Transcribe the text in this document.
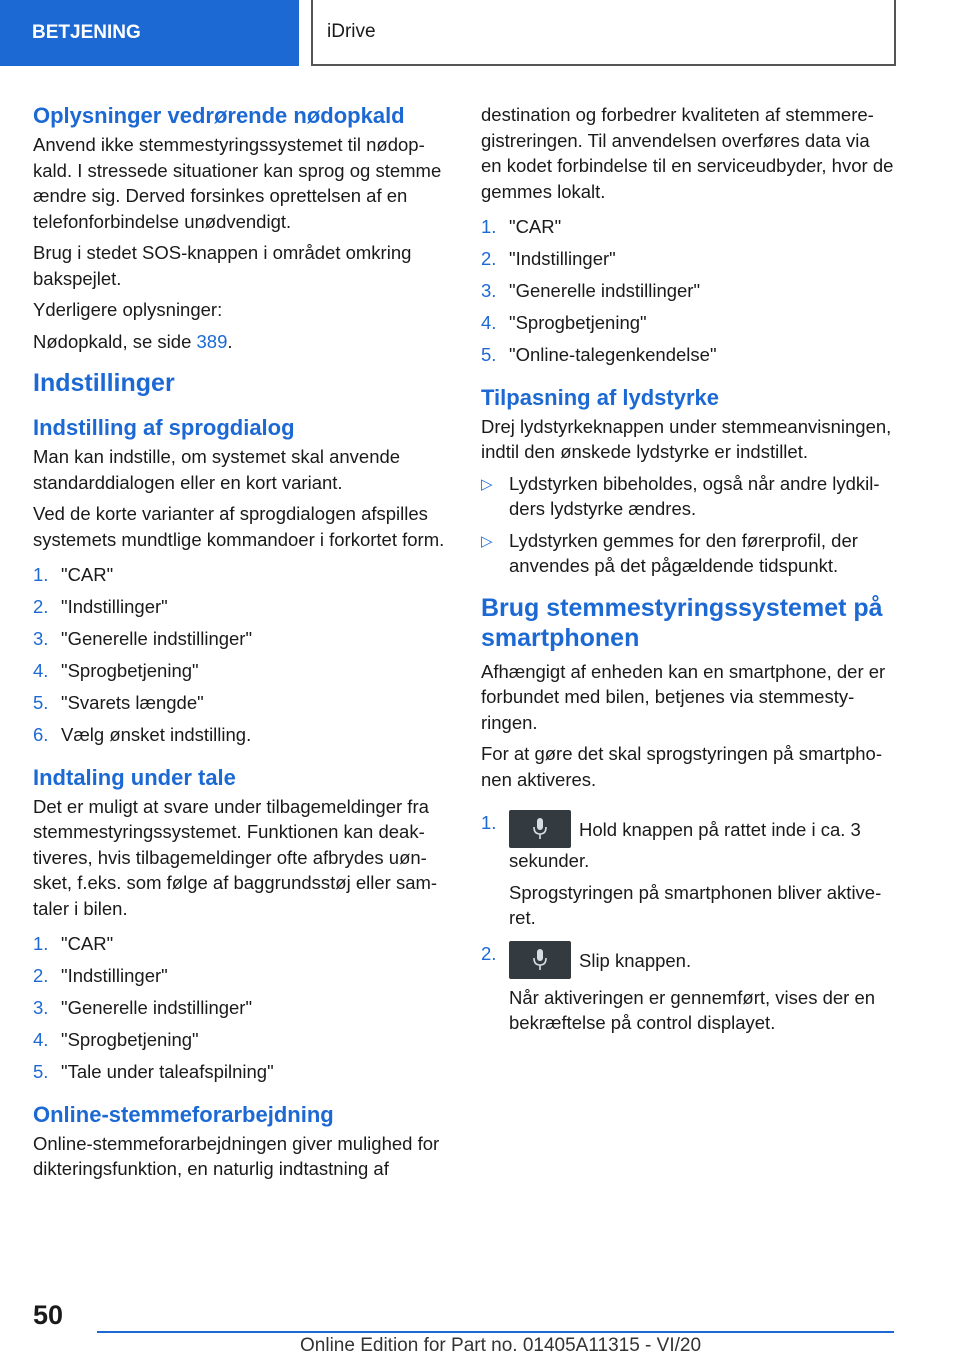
BETJENING	iDrive
Oplysninger vedrørende nødopkald

Anvend ikke stemmestyringssystemet til nødopkald. I stressede situationer kan sprog og stemme ændre sig. Derved forsinkes oprettelsen af en telefonforbindelse unødvendigt.

Brug i stedet SOS-knappen i området omkring bakspejlet.

Yderligere oplysninger:

Nødopkald, se side 389.

Indstillinger
Indstilling af sprogdialog

Man kan indstille, om systemet skal anvende standarddialogen eller en kort variant.

Ved de korte varianter af sprogdialogen afspilles systemets mundtlige kommandoer i forkortet form.

1. "CAR"
2. "Indstillinger"
3. "Generelle indstillinger"
4. "Sprogbetjening"
5. "Svarets længde"
6. Vælg ønsket indstilling.
Indtaling under tale

Det er muligt at svare under tilbagemeldinger fra stemmestyringssystemet. Funktionen kan deaktiveres, hvis tilbagemeldinger ofte afbrydes uønsket, f.eks. som følge af baggrundsstøj eller samtaler i bilen.

1. "CAR"
2. "Indstillinger"
3. "Generelle indstillinger"
4. "Sprogbetjening"
5. "Tale under taleafspilning"
Online-stemmeforarbejdning

Online-stemmeforarbejdningen giver mulighed for dikteringsfunktion, en naturlig indtastning af

destination og forbedrer kvaliteten af stemmeregistreringen. Til anvendelsen overføres data via en kodet forbindelse til en serviceudbyder, hvor de gemmes lokalt.

1. "CAR"
2. "Indstillinger"
3. "Generelle indstillinger"
4. "Sprogbetjening"
5. "Online-talegenkendelse"
Tilpasning af lydstyrke

Drej lydstyrkeknappen under stemmeanvisningen, indtil den ønskede lydstyrke er indstillet.

▷ Lydstyrken bibeholdes, også når andre lydkilders lydstyrke ændres.
▷ Lydstyrken gemmes for den førerprofil, der anvendes på det pågældende tidspunkt.
Brug stemmestyringssystemet på smartphonen

Afhængigt af enheden kan en smartphone, der er forbundet med bilen, betjenes via stemmestyringen.

For at gøre det skal sprogstyringen på smartphonen aktiveres.

1.	Hold knappen på rattet inde i ca. 3 sekunder.

Sprogstyringen på smartphonen bliver aktiveret.

2.	Slip knappen.

Når aktiveringen er gennemført, vises der en bekræftelse på control displayet.

50
Online Edition for Part no. 01405A11315 - VI/20
